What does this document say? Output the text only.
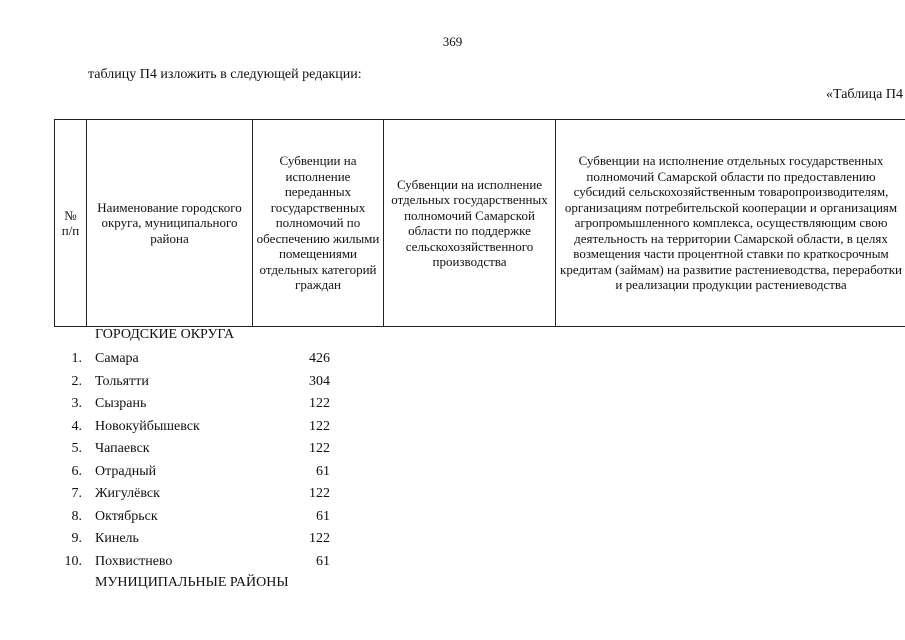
369
таблицу П4 изложить в следующей редакции:
«Таблица П4
№ п/п	Наименование городского округа, муниципального района	Субвенции на исполнение переданных государственных полномочий по обеспечению жилыми помещениями отдельных категорий граждан	Субвенции на исполнение отдельных государственных полномочий Самарской области по поддержке сельскохозяйственного производства	Субвенции на исполнение отдельных государственных полномочий Самарской области по предоставлению субсидий сельскохозяйственным товаропроизводителям, организациям потребительской кооперации и организациям агропромышленного комплекса, осуществляющим свою деятельность на территории Самарской области, в целях возмещения части процентной ставки по краткосрочным кредитам (займам) на развитие растениеводства, переработки и реализации продукции растениеводства
ГОРОДСКИЕ ОКРУГА
1. Самара	426
2. Тольятти	304
3. Сызрань	122
4. Новокуйбышевск	122
5. Чапаевск	122
6. Отрадный	61
7. Жигулёвск	122
8. Октябрьск	61
9. Кинель	122
10. Похвистнево	61
МУНИЦИПАЛЬНЫЕ РАЙОНЫ
